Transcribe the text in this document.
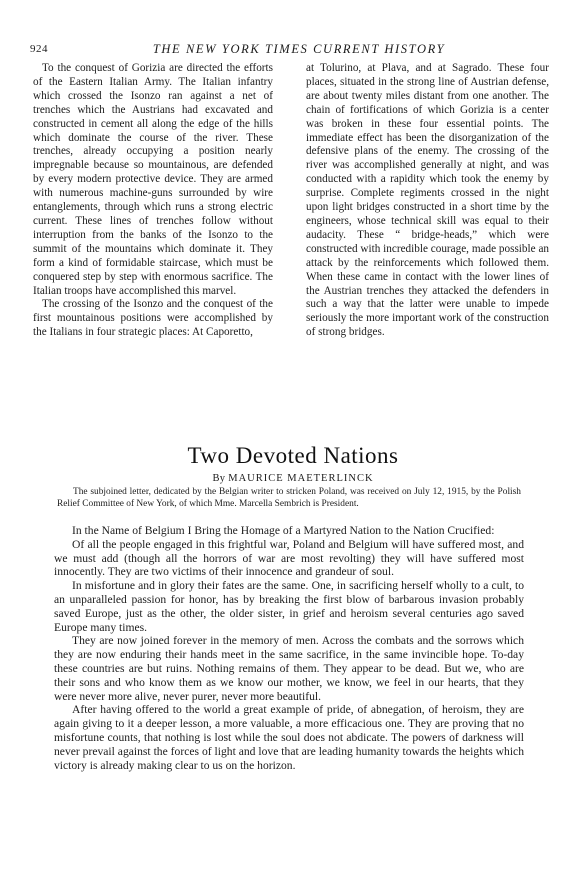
924	THE NEW YORK TIMES CURRENT HISTORY

To the conquest of Gorizia are directed the efforts of the Eastern Italian Army. The Italian infantry which crossed the Isonzo ran against a net of trenches which the Austrians had excavated and constructed in cement all along the edge of the hills which dominate the course of the river. These trenches, already occupying a position nearly impregnable because so mountainous, are defended by every modern protective device. They are armed with numerous machine-guns surrounded by wire entanglements, through which runs a strong electric current. These lines of trenches follow without interruption from the banks of the Isonzo to the summit of the mountains which dominate it. They form a kind of formidable staircase, which must be conquered step by step with enormous sacrifice. The Italian troops have accomplished this marvel.

The crossing of the Isonzo and the conquest of the first mountainous positions were accomplished by the Italians in four strategic places: At Caporetto,

at Tolurino, at Plava, and at Sagrado. These four places, situated in the strong line of Austrian defense, are about twenty miles distant from one another. The chain of fortifications of which Gorizia is a center was broken in these four essential points. The immediate effect has been the disorganization of the defensive plans of the enemy. The crossing of the river was accomplished generally at night, and was conducted with a rapidity which took the enemy by surprise. Complete regiments crossed in the night upon light bridges constructed in a short time by the engineers, whose technical skill was equal to their audacity. These “ bridge-heads,” which were constructed with incredible courage, made possible an attack by the reinforcements which followed them. When these came in contact with the lower lines of the Austrian trenches they attacked the defenders in such a way that the latter were unable to impede seriously the more important work of the construction of strong bridges.

Two Devoted Nations
By MAURICE MAETERLINCK

The subjoined letter, dedicated by the Belgian writer to stricken Poland, was received on July 12, 1915, by the Polish Relief Committee of New York, of which Mme. Marcella Sembrich is President.

In the Name of Belgium I Bring the Homage of a Martyred Nation to the Nation Crucified:

Of all the people engaged in this frightful war, Poland and Belgium will have suffered most, and we must add (though all the horrors of war are most revolting) they will have suffered most innocently. They are two victims of their innocence and grandeur of soul.

In misfortune and in glory their fates are the same. One, in sacrificing herself wholly to a cult, to an unparalleled passion for honor, has by breaking the first blow of barbarous invasion probably saved Europe, just as the other, the older sister, in grief and heroism several centuries ago saved Europe many times.

They are now joined forever in the memory of men. Across the combats and the sorrows which they are now enduring their hands meet in the same sacrifice, in the same invincible hope. To-day these countries are but ruins. Nothing remains of them. They appear to be dead. But we, who are their sons and who know them as we know our mother, we know, we feel in our hearts, that they were never more alive, never purer, never more beautiful.

After having offered to the world a great example of pride, of abnegation, of heroism, they are again giving to it a deeper lesson, a more valuable, a more efficacious one. They are proving that no misfortune counts, that nothing is lost while the soul does not abdicate. The powers of darkness will never prevail against the forces of light and love that are leading humanity towards the heights which victory is already making clear to us on the horizon.
